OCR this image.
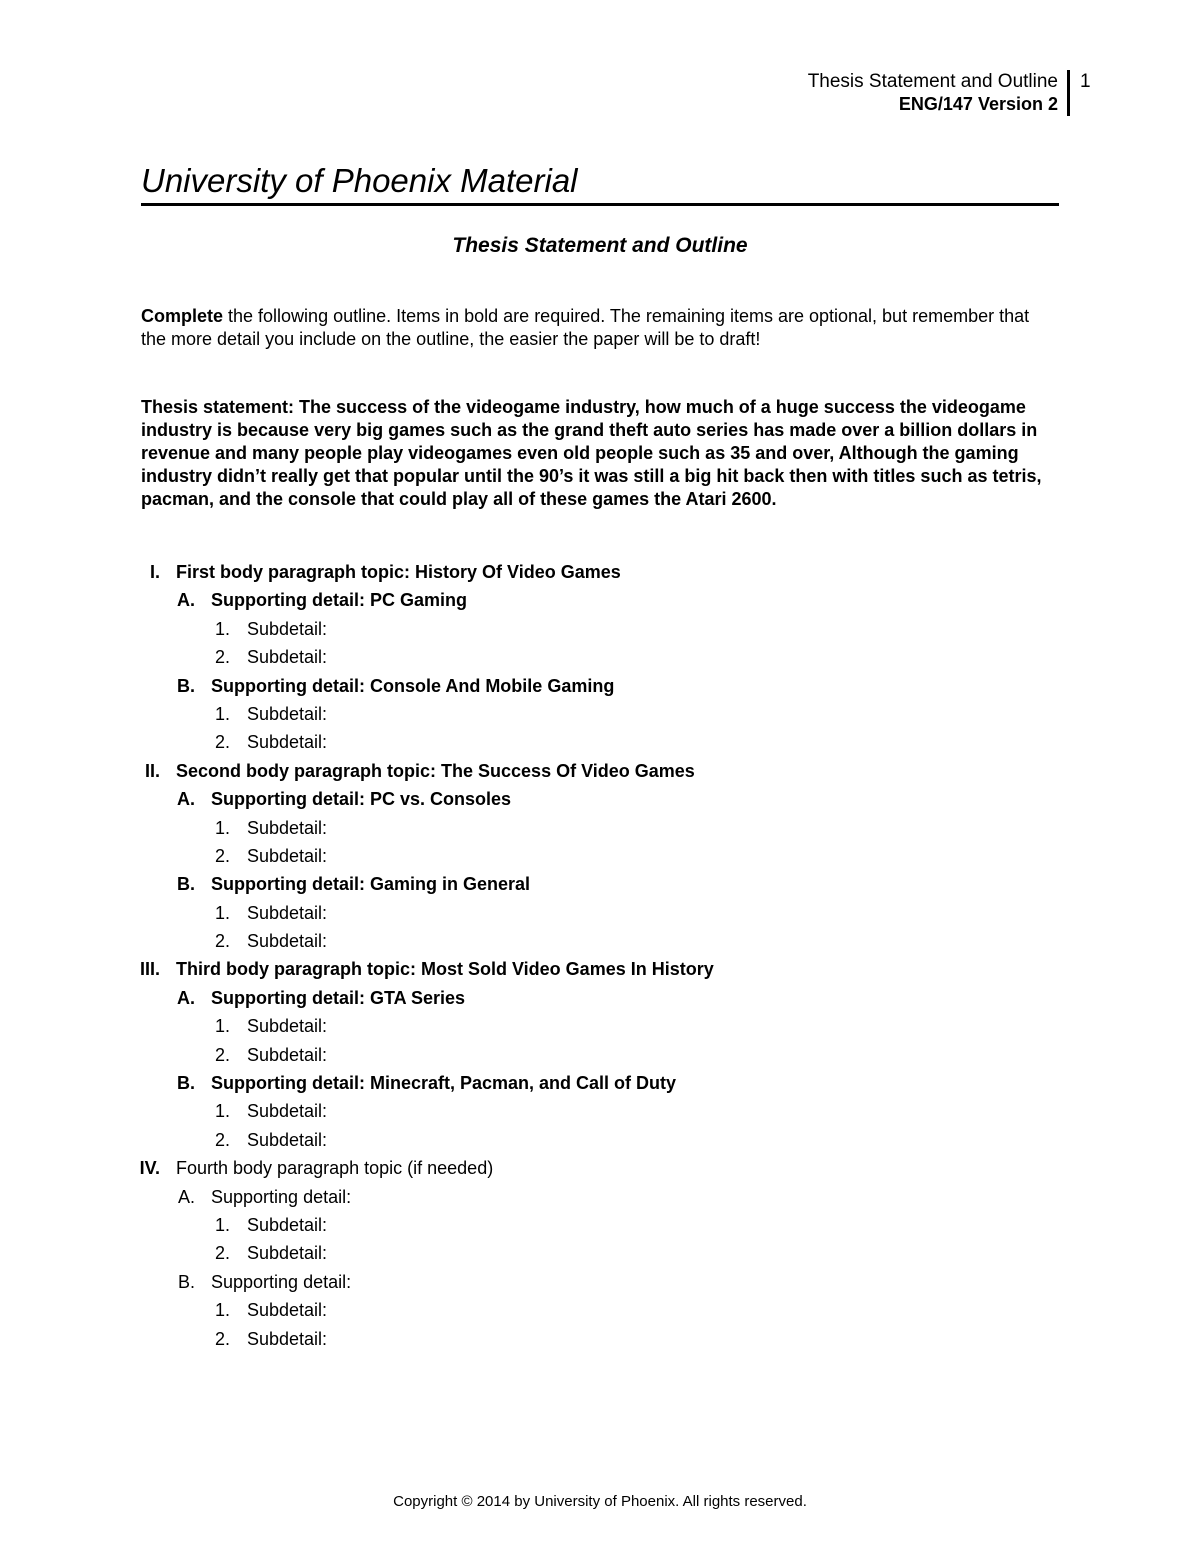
Thesis Statement and Outline
ENG/147 Version 2
1
University of Phoenix Material
Thesis Statement and Outline
Complete the following outline. Items in bold are required. The remaining items are optional, but remember that the more detail you include on the outline, the easier the paper will be to draft!
Thesis statement: The success of the videogame industry, how much of a huge success the videogame industry is because very big games such as the grand theft auto series has made over a billion dollars in revenue and many people play videogames even old people such as 35 and over, Although the gaming industry didn’t really get that popular until the 90’s it was still a big hit back then with titles such as tetris, pacman, and the console that could play all of these games the Atari 2600.
I. First body paragraph topic: History Of Video Games
A. Supporting detail: PC Gaming
1. Subdetail:
2. Subdetail:
B. Supporting detail: Console And Mobile Gaming
1. Subdetail:
2. Subdetail:
II. Second body paragraph topic: The Success Of Video Games
A. Supporting detail: PC vs. Consoles
1. Subdetail:
2. Subdetail:
B. Supporting detail: Gaming in General
1. Subdetail:
2. Subdetail:
III. Third body paragraph topic: Most Sold Video Games In History
A. Supporting detail: GTA Series
1. Subdetail:
2. Subdetail:
B. Supporting detail: Minecraft, Pacman, and Call of Duty
1. Subdetail:
2. Subdetail:
IV. Fourth body paragraph topic (if needed)
A. Supporting detail:
1. Subdetail:
2. Subdetail:
B. Supporting detail:
1. Subdetail:
2. Subdetail:
Copyright © 2014 by University of Phoenix. All rights reserved.
